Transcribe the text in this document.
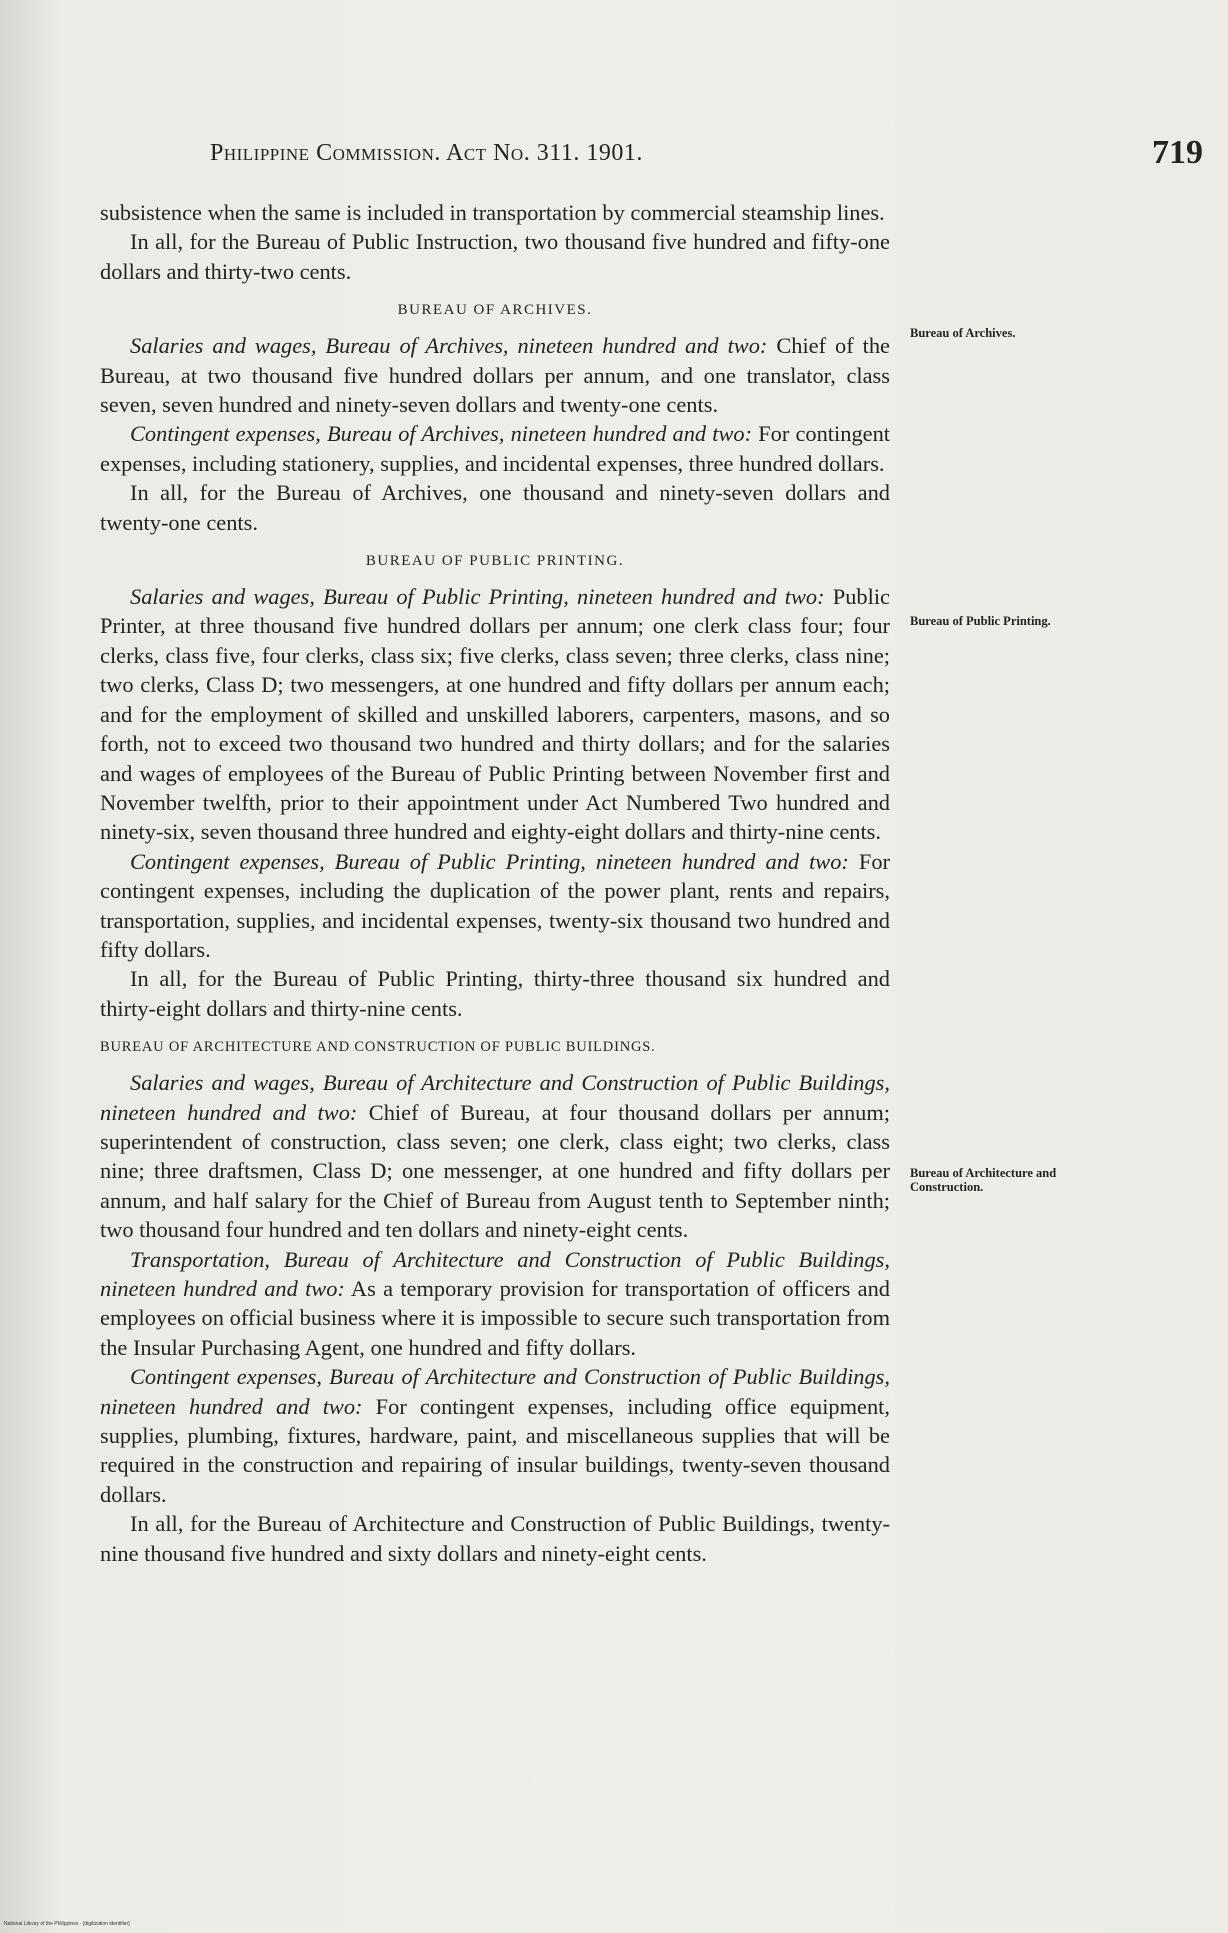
Philippine Commission. Act No. 311. 1901.	719

subsistence when the same is included in transportation by commercial steamship lines.

In all, for the Bureau of Public Instruction, two thousand five hundred and fifty-one dollars and thirty-two cents.

BUREAU OF ARCHIVES.

Salaries and wages, Bureau of Archives, nineteen hundred and two: Chief of the Bureau, at two thousand five hundred dollars per annum, and one translator, class seven, seven hundred and ninety-seven dollars and twenty-one cents.

Contingent expenses, Bureau of Archives, nineteen hundred and two: For contingent expenses, including stationery, supplies, and incidental expenses, three hundred dollars.

In all, for the Bureau of Archives, one thousand and ninety-seven dollars and twenty-one cents.

BUREAU OF PUBLIC PRINTING.

Salaries and wages, Bureau of Public Printing, nineteen hundred and two: Public Printer, at three thousand five hundred dollars per annum; one clerk class four; four clerks, class five, four clerks, class six; five clerks, class seven; three clerks, class nine; two clerks, Class D; two messengers, at one hundred and fifty dollars per annum each; and for the employment of skilled and unskilled laborers, carpenters, masons, and so forth, not to exceed two thousand two hundred and thirty dollars; and for the salaries and wages of employees of the Bureau of Public Printing between November first and November twelfth, prior to their appointment under Act Numbered Two hundred and ninety-six, seven thousand three hundred and eighty-eight dollars and thirty-nine cents.

Contingent expenses, Bureau of Public Printing, nineteen hundred and two: For contingent expenses, including the duplication of the power plant, rents and repairs, transportation, supplies, and incidental expenses, twenty-six thousand two hundred and fifty dollars.

In all, for the Bureau of Public Printing, thirty-three thousand six hundred and thirty-eight dollars and thirty-nine cents.

BUREAU OF ARCHITECTURE AND CONSTRUCTION OF PUBLIC BUILDINGS.

Salaries and wages, Bureau of Architecture and Construction of Public Buildings, nineteen hundred and two: Chief of Bureau, at four thousand dollars per annum; superintendent of construction, class seven; one clerk, class eight; two clerks, class nine; three draftsmen, Class D; one messenger, at one hundred and fifty dollars per annum, and half salary for the Chief of Bureau from August tenth to September ninth; two thousand four hundred and ten dollars and ninety-eight cents.

Transportation, Bureau of Architecture and Construction of Public Buildings, nineteen hundred and two: As a temporary provision for transportation of officers and employees on official business where it is impossible to secure such transportation from the Insular Purchasing Agent, one hundred and fifty dollars.

Contingent expenses, Bureau of Architecture and Construction of Public Buildings, nineteen hundred and two: For contingent expenses, including office equipment, supplies, plumbing, fixtures, hardware, paint, and miscellaneous supplies that will be required in the construction and repairing of insular buildings, twenty-seven thousand dollars.

In all, for the Bureau of Architecture and Construction of Public Buildings, twenty-nine thousand five hundred and sixty dollars and ninety-eight cents.

Bureau of Archives.
Bureau of Public Printing.
Bureau of Architecture and Construction.
National Library of the Philippines · [digitization identifier]
